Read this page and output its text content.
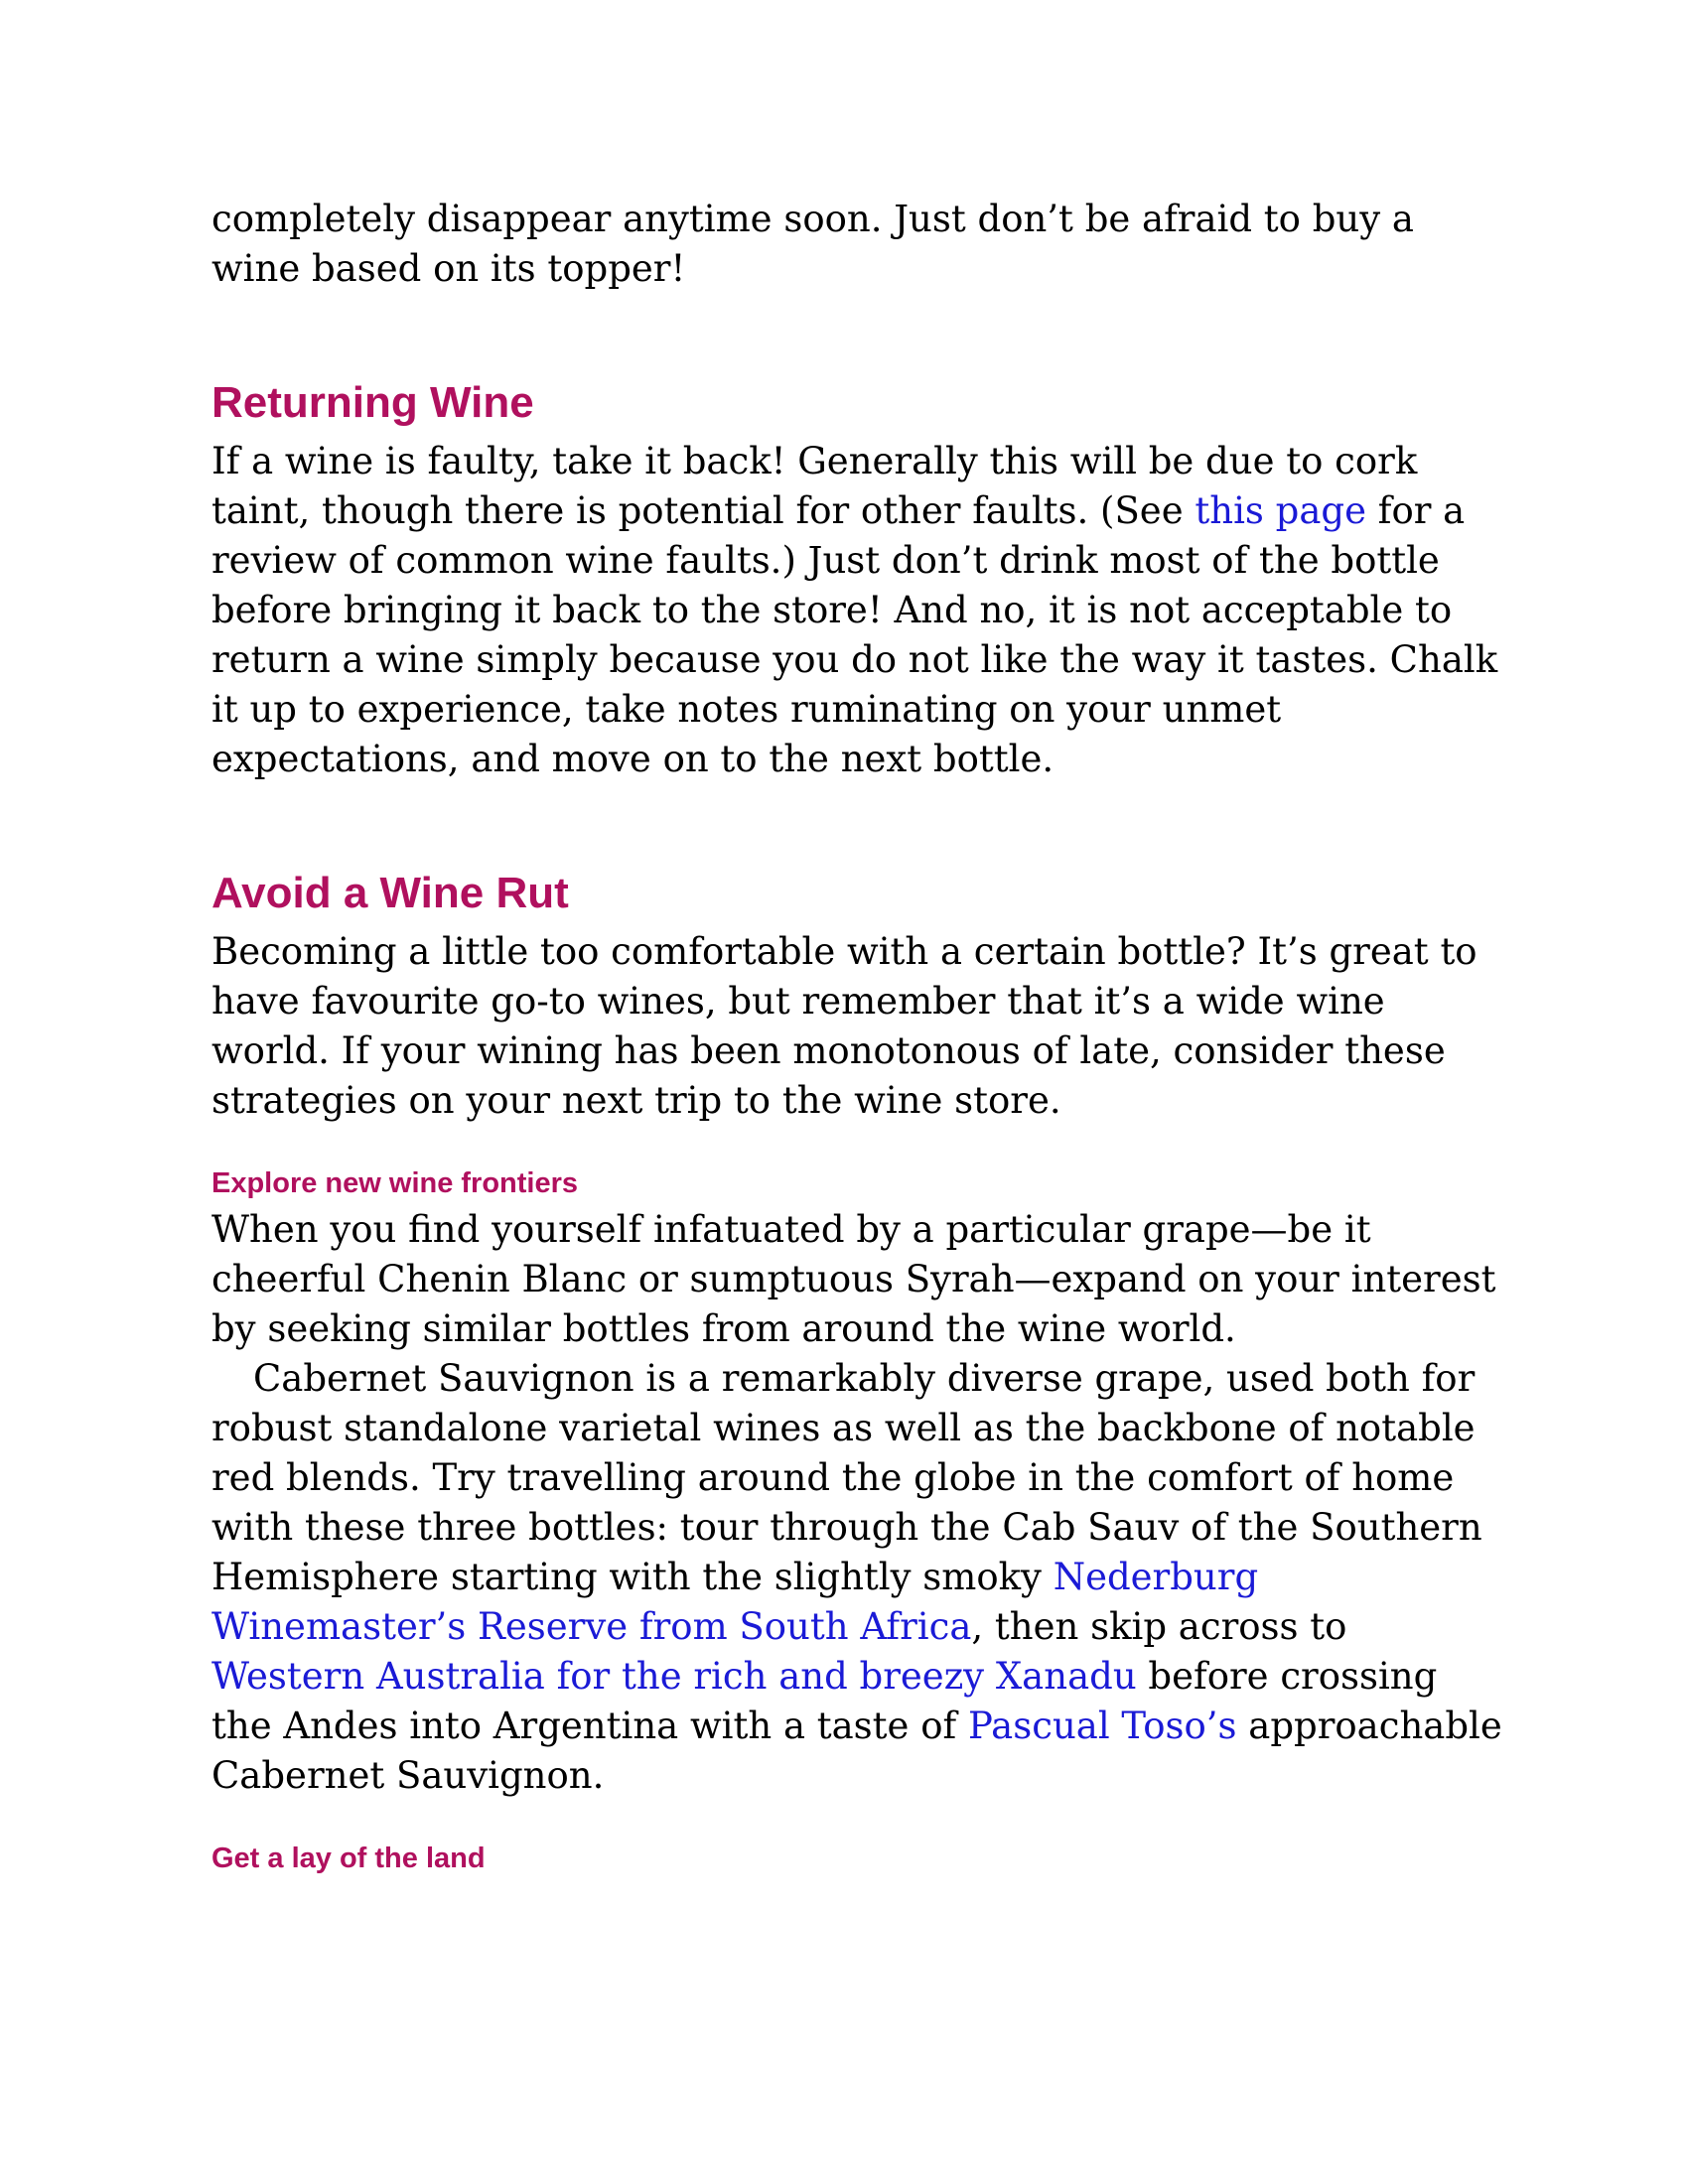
completely disappear anytime soon. Just don’t be afraid to buy a
wine based on its topper!

Returning Wine

If a wine is faulty, take it back! Generally this will be due to cork taint, though there is potential for other faults. (See this page for a review of common wine faults.) Just don’t drink most of the bottle before bringing it back to the store! And no, it is not acceptable to return a wine simply because you do not like the way it tastes. Chalk it up to experience, take notes ruminating on your unmet expectations, and move on to the next bottle.

Avoid a Wine Rut

Becoming a little too comfortable with a certain bottle? It’s great to have favourite go-to wines, but remember that it’s a wide wine world. If your wining has been monotonous of late, consider these strategies on your next trip to the wine store.

Explore new wine frontiers

When you find yourself infatuated by a particular grape—be it cheerful Chenin Blanc or sumptuous Syrah—expand on your interest by seeking similar bottles from around the wine world.

Cabernet Sauvignon is a remarkably diverse grape, used both for robust standalone varietal wines as well as the backbone of notable red blends. Try travelling around the globe in the comfort of home with these three bottles: tour through the Cab Sauv of the Southern Hemisphere starting with the slightly smoky Nederburg Winemaster’s Reserve from South Africa, then skip across to Western Australia for the rich and breezy Xanadu before crossing the Andes into Argentina with a taste of Pascual Toso’s approachable Cabernet Sauvignon.

Get a lay of the land
